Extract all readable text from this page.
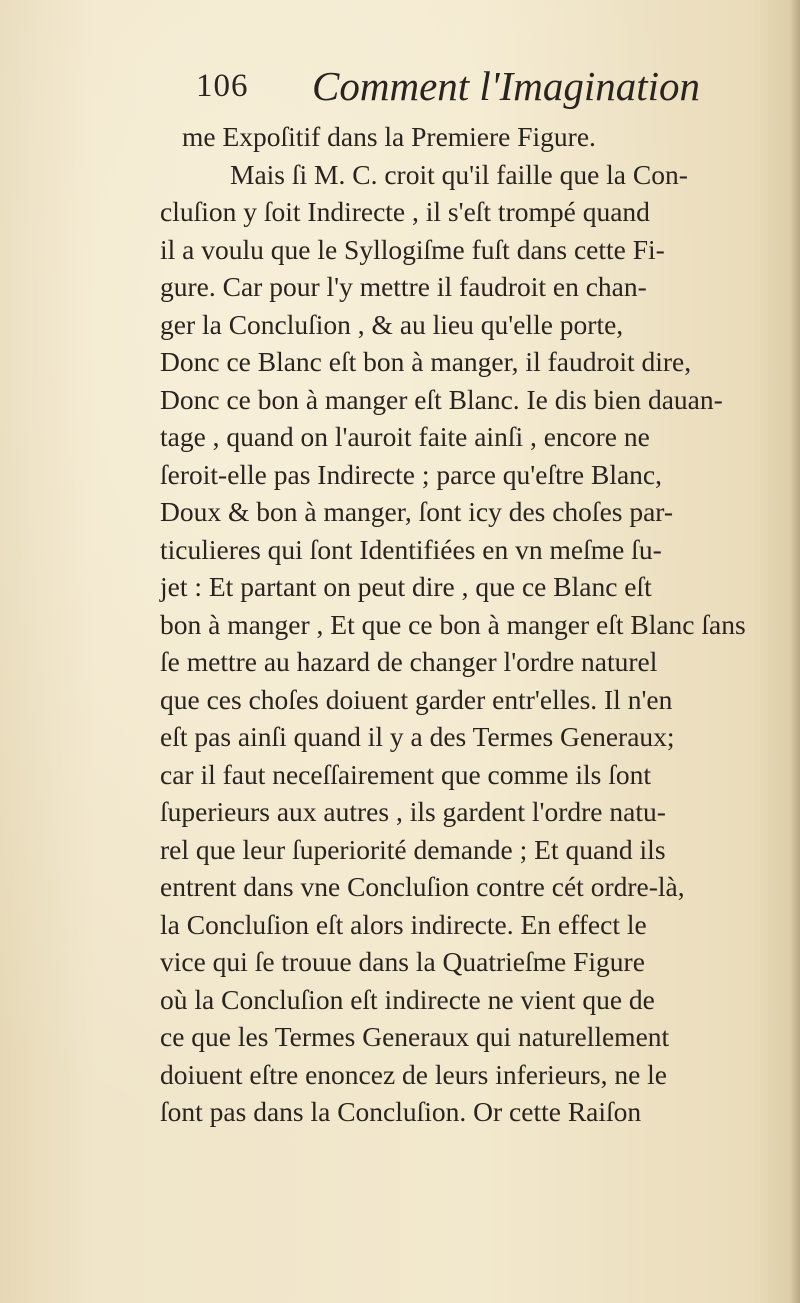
106 Comment l'Imagination
me Expoſitif dans la Premiere Figure.
Mais ſi M. C. croit qu'il faille que la Con-
cluſion y ſoit Indirecte , il s'eſt trompé quand
il a voulu que le Syllogiſme fuſt dans cette Fi-
gure. Car pour l'y mettre il faudroit en chan-
ger la Concluſion , & au lieu qu'elle porte,
Donc ce Blanc eſt bon à manger, il faudroit dire,
Donc ce bon à manger eſt Blanc. Ie dis bien dauan-
tage , quand on l'auroit faite ainſi , encore ne
ſeroit-elle pas Indirecte ; parce qu'eſtre Blanc,
Doux & bon à manger, ſont icy des choſes par-
ticulieres qui ſont Identifiées en vn meſme ſu-
jet : Et partant on peut dire , que ce Blanc eſt
bon à manger , Et que ce bon à manger eſt Blanc ſans
ſe mettre au hazard de changer l'ordre naturel
que ces choſes doiuent garder entr'elles. Il n'en
eſt pas ainſi quand il y a des Termes Generaux;
car il faut neceſſairement que comme ils ſont
ſuperieurs aux autres , ils gardent l'ordre natu-
rel que leur ſuperiorité demande ; Et quand ils
entrent dans vne Concluſion contre cét ordre-là,
la Concluſion eſt alors indirecte. En effect le
vice qui ſe trouue dans la Quatrieſme Figure
où la Concluſion eſt indirecte ne vient que de
ce que les Termes Generaux qui naturellement
doiuent eſtre enoncez de leurs inferieurs, ne le
ſont pas dans la Concluſion. Or cette Raiſon
